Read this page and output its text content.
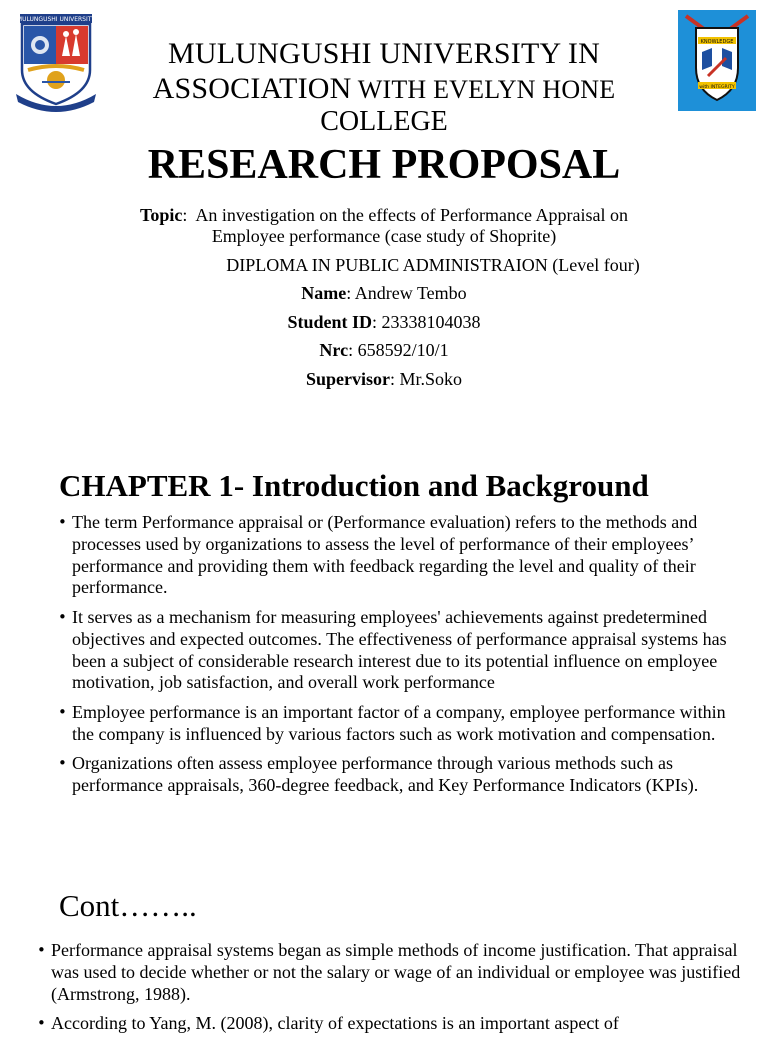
MULUNGUSHI UNIVERSITY
KNOWLEDGE
with INTEGRITY
MULUNGUSHI UNIVERSITY IN
ASSOCIATION WITH EVELYN HONE
COLLEGE
RESEARCH PROPOSAL
Topic:  An investigation on the effects of Performance Appraisal on
Employee performance (case study of Shoprite)
DIPLOMA IN PUBLIC ADMINISTRAION (Level four)
Name: Andrew Tembo
Student ID: 23338104038
Nrc: 658592/10/1
Supervisor: Mr.Soko
CHAPTER 1- Introduction and Background
• The term Performance appraisal or (Performance evaluation) refers to the methods and processes used by organizations to assess the level of performance of their employees’ performance and providing them with feedback regarding the level and quality of their performance.
• It serves as a mechanism for measuring employees' achievements against predetermined objectives and expected outcomes. The effectiveness of performance appraisal systems has been a subject of considerable research interest due to its potential influence on employee motivation, job satisfaction, and overall work performance
• Employee performance is an important factor of a company, employee performance within the company is influenced by various factors such as work motivation and compensation.
• Organizations often assess employee performance through various methods such as performance appraisals, 360-degree feedback, and Key Performance Indicators (KPIs).
Cont……..
• Performance appraisal systems began as simple methods of income justification. That appraisal was used to decide whether or not the salary or wage of an individual or employee was justified (Armstrong, 1988).
• According to Yang, M. (2008), clarity of expectations is an important aspect of
